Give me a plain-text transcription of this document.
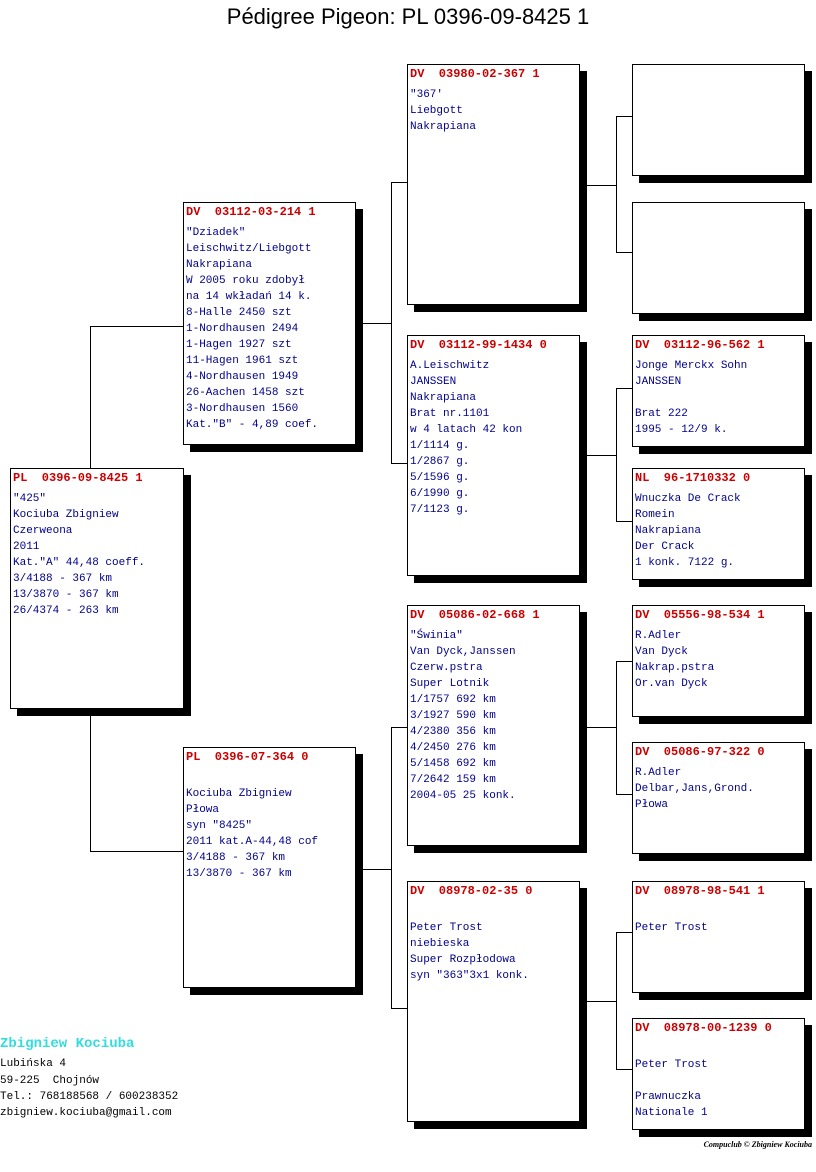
Pédigree Pigeon: PL 0396-09-8425 1
PL  0396-09-8425 1
"425"
Kociuba Zbigniew
Czerweona
2011
Kat."A" 44,48 coeff.
3/4188 - 367 km
13/3870 - 367 km
26/4374 - 263 km
DV  03112-03-214 1
"Dziadek"
Leischwitz/Liebgott
Nakrapiana
W 2005 roku zdobył
na 14 wkładań 14 k.
8-Halle 2450 szt
1-Nordhausen 2494
1-Hagen 1927 szt
11-Hagen 1961 szt
4-Nordhausen 1949
26-Aachen 1458 szt
3-Nordhausen 1560
Kat."B" - 4,89 coef.
PL  0396-07-364 0
Kociuba Zbigniew
Płowa
syn "8425"
2011 kat.A-44,48 cof
3/4188 - 367 km
13/3870 - 367 km
DV  03980-02-367 1
"367'
Liebgott
Nakrapiana
DV  03112-99-1434 0
A.Leischwitz
JANSSEN
Nakrapiana
Brat nr.1101
w 4 latach 42 kon
1/1114 g.
1/2867 g.
5/1596 g.
6/1990 g.
7/1123 g.
DV  05086-02-668 1
"Świnia"
Van Dyck,Janssen
Czerw.pstra
Super Lotnik
1/1757 692 km
3/1927 590 km
4/2380 356 km
4/2450 276 km
5/1458 692 km
7/2642 159 km
2004-05 25 konk.
DV  08978-02-35 0
Peter Trost
niebieska
Super Rozpłodowa
syn "363"3x1 konk.
DV  03112-96-562 1
Jonge Merckx Sohn
JANSSEN
Brat 222
1995 - 12/9 k.
NL  96-1710332 0
Wnuczka De Crack
Romein
Nakrapiana
Der Crack
1 konk. 7122 g.
DV  05556-98-534 1
R.Adler
Van Dyck
Nakrap.pstra
Or.van Dyck
DV  05086-97-322 0
R.Adler
Delbar,Jans,Grond.
Płowa
DV  08978-98-541 1
Peter Trost
DV  08978-00-1239 0
Peter Trost
Prawnuczka
Nationale 1
Zbigniew Kociuba
Lubińska 4
59-225  Chojnów
Tel.: 768188568 / 600238352
zbigniew.kociuba@gmail.com
Compuclub © Zbigniew Kociuba
